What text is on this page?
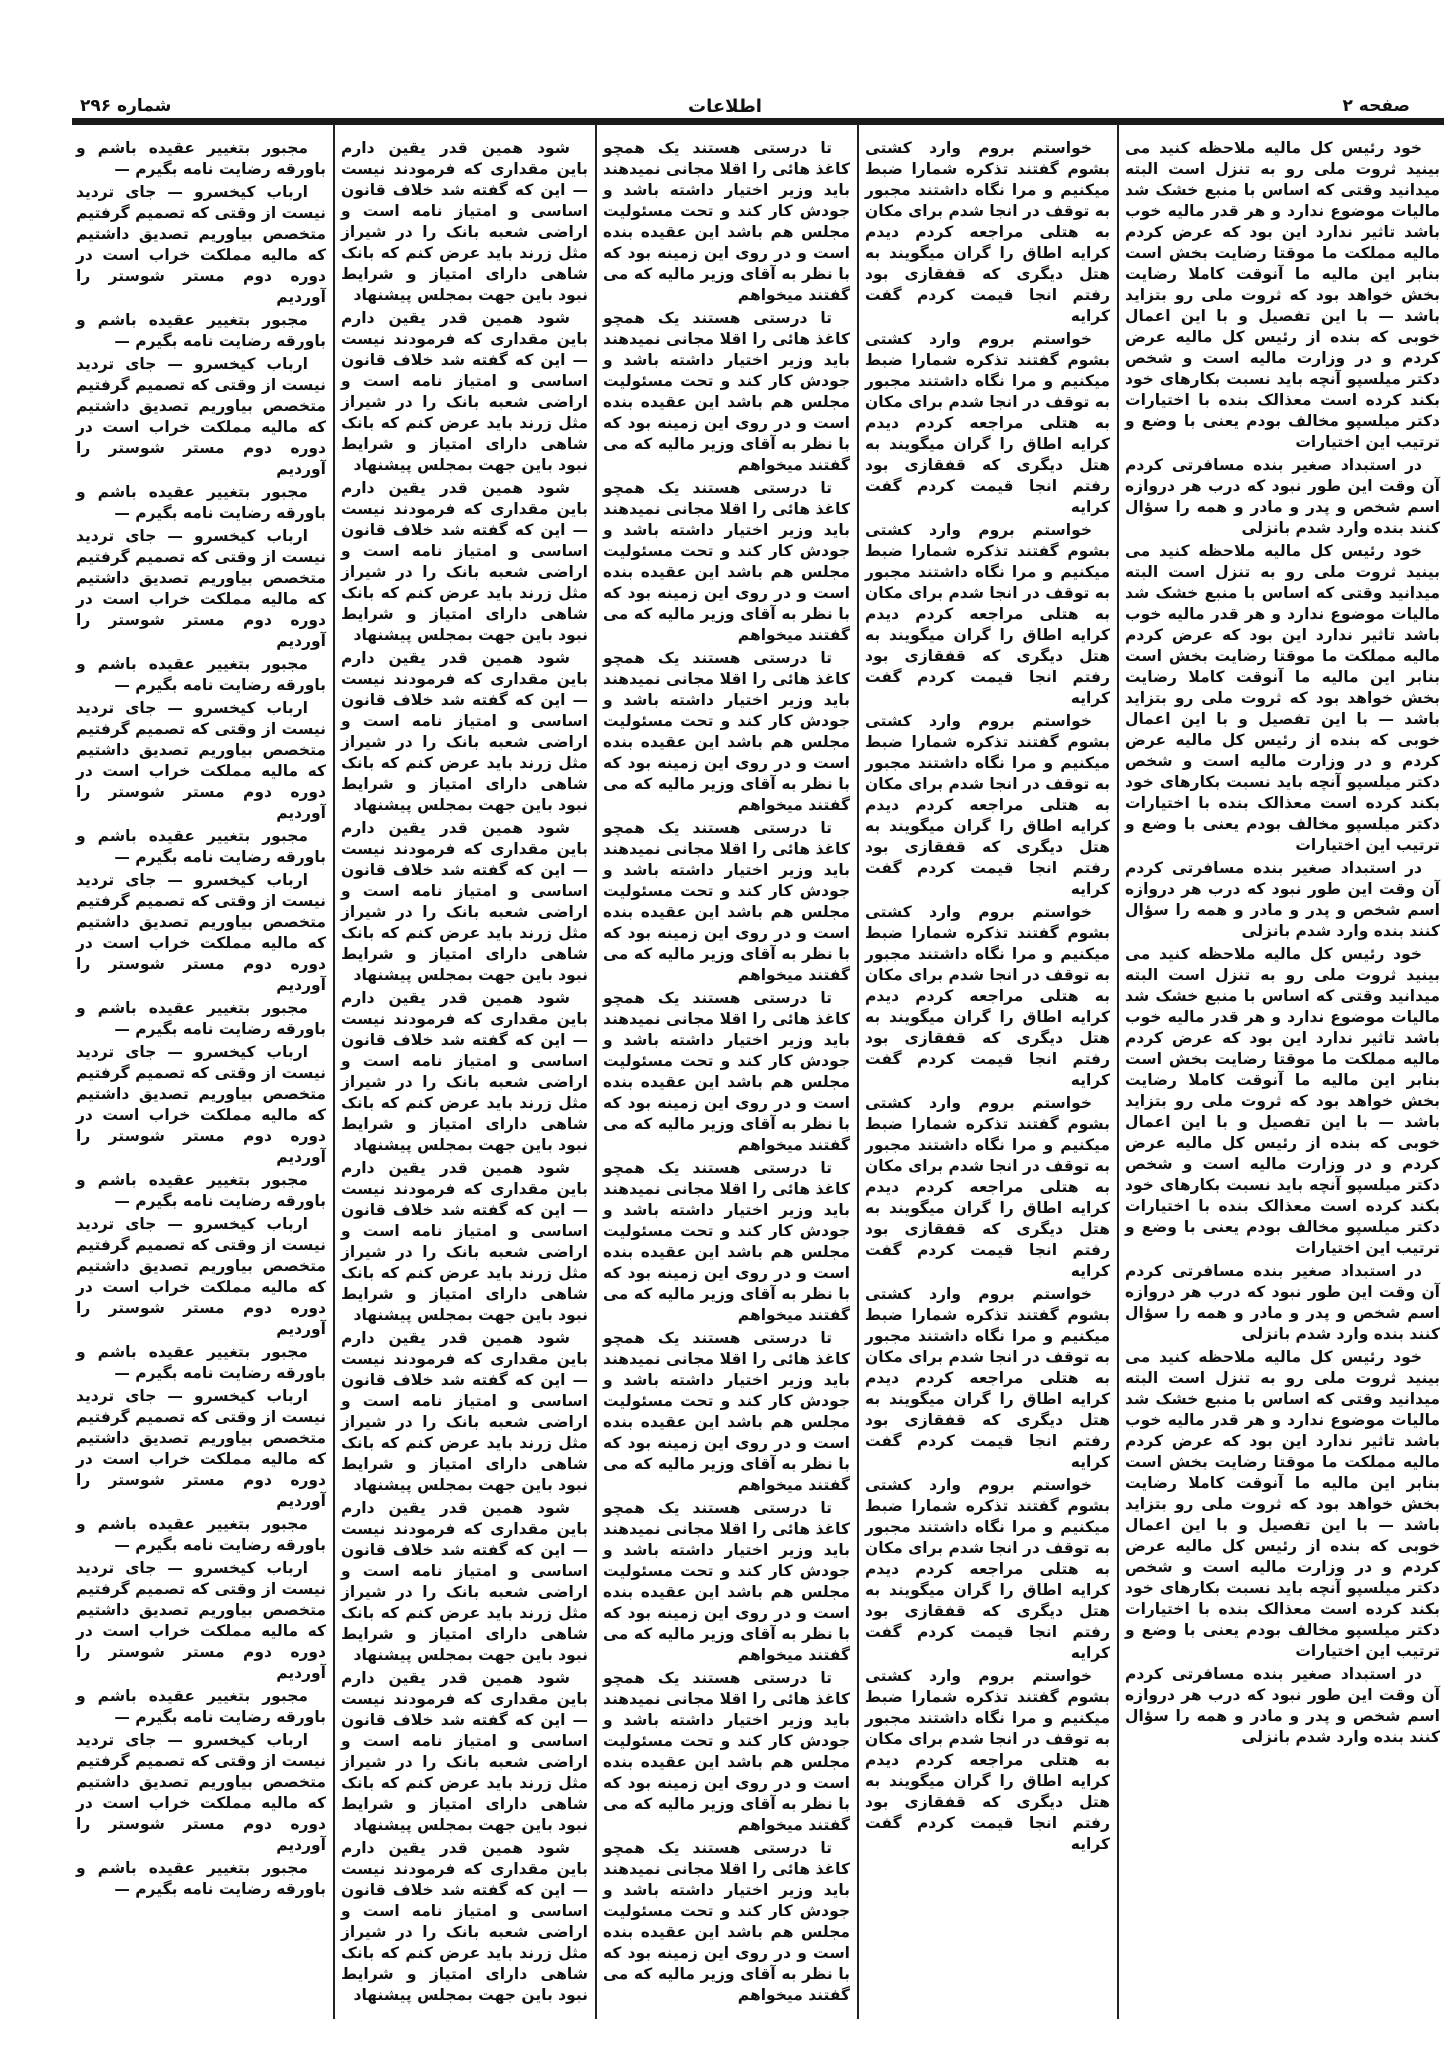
صفحه ۲
اطلاعات
شماره ۲۹۶

خود رئیس کل مالیه ملاحظه کنید می بینید ثروت ملی رو به تنزل است البته میدانید وقتی که اساس با منبع خشک شد مالیات موضوع ندارد و هر قدر مالیه خوب باشد تاثیر ندارد این بود که عرض کردم مالیه مملکت ما موقتا رضایت بخش است بنابر این مالیه ما آنوقت کاملا رضایت بخش خواهد بود که ثروت ملی رو بتزاید باشد — با این تفصیل و با این اعمال خوبی که بنده از رئیس کل مالیه عرض کردم و در وزارت مالیه است و شخص دکتر میلسپو آنچه باید نسبت بکارهای خود بکند کرده است معذالک بنده با اختیارات دکتر میلسپو مخالف بودم یعنی با وضع و ترتیب این اختیارات

در استبداد صغیر بنده مسافرتی کردم آن وقت این طور نبود که درب هر دروازه اسم شخص و پدر و مادر و همه را سؤال کنند بنده وارد شدم بانزلی

خود رئیس کل مالیه ملاحظه کنید می بینید ثروت ملی رو به تنزل است البته میدانید وقتی که اساس با منبع خشک شد مالیات موضوع ندارد و هر قدر مالیه خوب باشد تاثیر ندارد این بود که عرض کردم مالیه مملکت ما موقتا رضایت بخش است بنابر این مالیه ما آنوقت کاملا رضایت بخش خواهد بود که ثروت ملی رو بتزاید باشد — با این تفصیل و با این اعمال خوبی که بنده از رئیس کل مالیه عرض کردم و در وزارت مالیه است و شخص دکتر میلسپو آنچه باید نسبت بکارهای خود بکند کرده است معذالک بنده با اختیارات دکتر میلسپو مخالف بودم یعنی با وضع و ترتیب این اختیارات

در استبداد صغیر بنده مسافرتی کردم آن وقت این طور نبود که درب هر دروازه اسم شخص و پدر و مادر و همه را سؤال کنند بنده وارد شدم بانزلی

خود رئیس کل مالیه ملاحظه کنید می بینید ثروت ملی رو به تنزل است البته میدانید وقتی که اساس با منبع خشک شد مالیات موضوع ندارد و هر قدر مالیه خوب باشد تاثیر ندارد این بود که عرض کردم مالیه مملکت ما موقتا رضایت بخش است بنابر این مالیه ما آنوقت کاملا رضایت بخش خواهد بود که ثروت ملی رو بتزاید باشد — با این تفصیل و با این اعمال خوبی که بنده از رئیس کل مالیه عرض کردم و در وزارت مالیه است و شخص دکتر میلسپو آنچه باید نسبت بکارهای خود بکند کرده است معذالک بنده با اختیارات دکتر میلسپو مخالف بودم یعنی با وضع و ترتیب این اختیارات

در استبداد صغیر بنده مسافرتی کردم آن وقت این طور نبود که درب هر دروازه اسم شخص و پدر و مادر و همه را سؤال کنند بنده وارد شدم بانزلی

خود رئیس کل مالیه ملاحظه کنید می بینید ثروت ملی رو به تنزل است البته میدانید وقتی که اساس با منبع خشک شد مالیات موضوع ندارد و هر قدر مالیه خوب باشد تاثیر ندارد این بود که عرض کردم مالیه مملکت ما موقتا رضایت بخش است بنابر این مالیه ما آنوقت کاملا رضایت بخش خواهد بود که ثروت ملی رو بتزاید باشد — با این تفصیل و با این اعمال خوبی که بنده از رئیس کل مالیه عرض کردم و در وزارت مالیه است و شخص دکتر میلسپو آنچه باید نسبت بکارهای خود بکند کرده است معذالک بنده با اختیارات دکتر میلسپو مخالف بودم یعنی با وضع و ترتیب این اختیارات

در استبداد صغیر بنده مسافرتی کردم آن وقت این طور نبود که درب هر دروازه اسم شخص و پدر و مادر و همه را سؤال کنند بنده وارد شدم بانزلی

خواستم بروم وارد کشتی بشوم گفتند تذکره شمارا ضبط میکنیم و مرا نگاه داشتند مجبور به توقف در انجا شدم برای مکان به هتلی مراجعه کردم دیدم کرایه اطاق را گران میگویند به هتل دیگری که قفقازی بود رفتم انجا قیمت کردم گفت کرایه

خواستم بروم وارد کشتی بشوم گفتند تذکره شمارا ضبط میکنیم و مرا نگاه داشتند مجبور به توقف در انجا شدم برای مکان به هتلی مراجعه کردم دیدم کرایه اطاق را گران میگویند به هتل دیگری که قفقازی بود رفتم انجا قیمت کردم گفت کرایه

خواستم بروم وارد کشتی بشوم گفتند تذکره شمارا ضبط میکنیم و مرا نگاه داشتند مجبور به توقف در انجا شدم برای مکان به هتلی مراجعه کردم دیدم کرایه اطاق را گران میگویند به هتل دیگری که قفقازی بود رفتم انجا قیمت کردم گفت کرایه

خواستم بروم وارد کشتی بشوم گفتند تذکره شمارا ضبط میکنیم و مرا نگاه داشتند مجبور به توقف در انجا شدم برای مکان به هتلی مراجعه کردم دیدم کرایه اطاق را گران میگویند به هتل دیگری که قفقازی بود رفتم انجا قیمت کردم گفت کرایه

خواستم بروم وارد کشتی بشوم گفتند تذکره شمارا ضبط میکنیم و مرا نگاه داشتند مجبور به توقف در انجا شدم برای مکان به هتلی مراجعه کردم دیدم کرایه اطاق را گران میگویند به هتل دیگری که قفقازی بود رفتم انجا قیمت کردم گفت کرایه

خواستم بروم وارد کشتی بشوم گفتند تذکره شمارا ضبط میکنیم و مرا نگاه داشتند مجبور به توقف در انجا شدم برای مکان به هتلی مراجعه کردم دیدم کرایه اطاق را گران میگویند به هتل دیگری که قفقازی بود رفتم انجا قیمت کردم گفت کرایه

خواستم بروم وارد کشتی بشوم گفتند تذکره شمارا ضبط میکنیم و مرا نگاه داشتند مجبور به توقف در انجا شدم برای مکان به هتلی مراجعه کردم دیدم کرایه اطاق را گران میگویند به هتل دیگری که قفقازی بود رفتم انجا قیمت کردم گفت کرایه

خواستم بروم وارد کشتی بشوم گفتند تذکره شمارا ضبط میکنیم و مرا نگاه داشتند مجبور به توقف در انجا شدم برای مکان به هتلی مراجعه کردم دیدم کرایه اطاق را گران میگویند به هتل دیگری که قفقازی بود رفتم انجا قیمت کردم گفت کرایه

خواستم بروم وارد کشتی بشوم گفتند تذکره شمارا ضبط میکنیم و مرا نگاه داشتند مجبور به توقف در انجا شدم برای مکان به هتلی مراجعه کردم دیدم کرایه اطاق را گران میگویند به هتل دیگری که قفقازی بود رفتم انجا قیمت کردم گفت کرایه

تا درستی هستند یک همچو کاغذ هائی را اقلا مجانی نمیدهند باید وزیر اختیار داشته باشد و جودش کار کند و تحت مسئولیت مجلس هم باشد این عقیده بنده است و در روی این زمینه بود که با نظر به آقای وزیر مالیه که می گفتند میخواهم

تا درستی هستند یک همچو کاغذ هائی را اقلا مجانی نمیدهند باید وزیر اختیار داشته باشد و جودش کار کند و تحت مسئولیت مجلس هم باشد این عقیده بنده است و در روی این زمینه بود که با نظر به آقای وزیر مالیه که می گفتند میخواهم

تا درستی هستند یک همچو کاغذ هائی را اقلا مجانی نمیدهند باید وزیر اختیار داشته باشد و جودش کار کند و تحت مسئولیت مجلس هم باشد این عقیده بنده است و در روی این زمینه بود که با نظر به آقای وزیر مالیه که می گفتند میخواهم

تا درستی هستند یک همچو کاغذ هائی را اقلا مجانی نمیدهند باید وزیر اختیار داشته باشد و جودش کار کند و تحت مسئولیت مجلس هم باشد این عقیده بنده است و در روی این زمینه بود که با نظر به آقای وزیر مالیه که می گفتند میخواهم

تا درستی هستند یک همچو کاغذ هائی را اقلا مجانی نمیدهند باید وزیر اختیار داشته باشد و جودش کار کند و تحت مسئولیت مجلس هم باشد این عقیده بنده است و در روی این زمینه بود که با نظر به آقای وزیر مالیه که می گفتند میخواهم

تا درستی هستند یک همچو کاغذ هائی را اقلا مجانی نمیدهند باید وزیر اختیار داشته باشد و جودش کار کند و تحت مسئولیت مجلس هم باشد این عقیده بنده است و در روی این زمینه بود که با نظر به آقای وزیر مالیه که می گفتند میخواهم

تا درستی هستند یک همچو کاغذ هائی را اقلا مجانی نمیدهند باید وزیر اختیار داشته باشد و جودش کار کند و تحت مسئولیت مجلس هم باشد این عقیده بنده است و در روی این زمینه بود که با نظر به آقای وزیر مالیه که می گفتند میخواهم

تا درستی هستند یک همچو کاغذ هائی را اقلا مجانی نمیدهند باید وزیر اختیار داشته باشد و جودش کار کند و تحت مسئولیت مجلس هم باشد این عقیده بنده است و در روی این زمینه بود که با نظر به آقای وزیر مالیه که می گفتند میخواهم

تا درستی هستند یک همچو کاغذ هائی را اقلا مجانی نمیدهند باید وزیر اختیار داشته باشد و جودش کار کند و تحت مسئولیت مجلس هم باشد این عقیده بنده است و در روی این زمینه بود که با نظر به آقای وزیر مالیه که می گفتند میخواهم

تا درستی هستند یک همچو کاغذ هائی را اقلا مجانی نمیدهند باید وزیر اختیار داشته باشد و جودش کار کند و تحت مسئولیت مجلس هم باشد این عقیده بنده است و در روی این زمینه بود که با نظر به آقای وزیر مالیه که می گفتند میخواهم

تا درستی هستند یک همچو کاغذ هائی را اقلا مجانی نمیدهند باید وزیر اختیار داشته باشد و جودش کار کند و تحت مسئولیت مجلس هم باشد این عقیده بنده است و در روی این زمینه بود که با نظر به آقای وزیر مالیه که می گفتند میخواهم

شود همین قدر یقین دارم باین مقداری که فرمودند نیست — این که گفته شد خلاف قانون اساسی و امتیاز نامه است و اراضی شعبه بانک را در شیراز مثل زرند باید عرض کنم که بانک شاهی دارای امتیاز و شرایط نبود باین جهت بمجلس پیشنهاد

شود همین قدر یقین دارم باین مقداری که فرمودند نیست — این که گفته شد خلاف قانون اساسی و امتیاز نامه است و اراضی شعبه بانک را در شیراز مثل زرند باید عرض کنم که بانک شاهی دارای امتیاز و شرایط نبود باین جهت بمجلس پیشنهاد

شود همین قدر یقین دارم باین مقداری که فرمودند نیست — این که گفته شد خلاف قانون اساسی و امتیاز نامه است و اراضی شعبه بانک را در شیراز مثل زرند باید عرض کنم که بانک شاهی دارای امتیاز و شرایط نبود باین جهت بمجلس پیشنهاد

شود همین قدر یقین دارم باین مقداری که فرمودند نیست — این که گفته شد خلاف قانون اساسی و امتیاز نامه است و اراضی شعبه بانک را در شیراز مثل زرند باید عرض کنم که بانک شاهی دارای امتیاز و شرایط نبود باین جهت بمجلس پیشنهاد

شود همین قدر یقین دارم باین مقداری که فرمودند نیست — این که گفته شد خلاف قانون اساسی و امتیاز نامه است و اراضی شعبه بانک را در شیراز مثل زرند باید عرض کنم که بانک شاهی دارای امتیاز و شرایط نبود باین جهت بمجلس پیشنهاد

شود همین قدر یقین دارم باین مقداری که فرمودند نیست — این که گفته شد خلاف قانون اساسی و امتیاز نامه است و اراضی شعبه بانک را در شیراز مثل زرند باید عرض کنم که بانک شاهی دارای امتیاز و شرایط نبود باین جهت بمجلس پیشنهاد

شود همین قدر یقین دارم باین مقداری که فرمودند نیست — این که گفته شد خلاف قانون اساسی و امتیاز نامه است و اراضی شعبه بانک را در شیراز مثل زرند باید عرض کنم که بانک شاهی دارای امتیاز و شرایط نبود باین جهت بمجلس پیشنهاد

شود همین قدر یقین دارم باین مقداری که فرمودند نیست — این که گفته شد خلاف قانون اساسی و امتیاز نامه است و اراضی شعبه بانک را در شیراز مثل زرند باید عرض کنم که بانک شاهی دارای امتیاز و شرایط نبود باین جهت بمجلس پیشنهاد

شود همین قدر یقین دارم باین مقداری که فرمودند نیست — این که گفته شد خلاف قانون اساسی و امتیاز نامه است و اراضی شعبه بانک را در شیراز مثل زرند باید عرض کنم که بانک شاهی دارای امتیاز و شرایط نبود باین جهت بمجلس پیشنهاد

شود همین قدر یقین دارم باین مقداری که فرمودند نیست — این که گفته شد خلاف قانون اساسی و امتیاز نامه است و اراضی شعبه بانک را در شیراز مثل زرند باید عرض کنم که بانک شاهی دارای امتیاز و شرایط نبود باین جهت بمجلس پیشنهاد

شود همین قدر یقین دارم باین مقداری که فرمودند نیست — این که گفته شد خلاف قانون اساسی و امتیاز نامه است و اراضی شعبه بانک را در شیراز مثل زرند باید عرض کنم که بانک شاهی دارای امتیاز و شرایط نبود باین جهت بمجلس پیشنهاد

مجبور بتغییر عقیده باشم و باورقه رضایت نامه بگیرم —

ارباب کیخسرو — جای تردید نیست از وقتی که تصمیم گرفتیم متخصص بیاوریم تصدیق داشتیم که مالیه مملکت خراب است در دوره دوم مستر شوستر را آوردیم

مجبور بتغییر عقیده باشم و باورقه رضایت نامه بگیرم —

ارباب کیخسرو — جای تردید نیست از وقتی که تصمیم گرفتیم متخصص بیاوریم تصدیق داشتیم که مالیه مملکت خراب است در دوره دوم مستر شوستر را آوردیم

مجبور بتغییر عقیده باشم و باورقه رضایت نامه بگیرم —

ارباب کیخسرو — جای تردید نیست از وقتی که تصمیم گرفتیم متخصص بیاوریم تصدیق داشتیم که مالیه مملکت خراب است در دوره دوم مستر شوستر را آوردیم

مجبور بتغییر عقیده باشم و باورقه رضایت نامه بگیرم —

ارباب کیخسرو — جای تردید نیست از وقتی که تصمیم گرفتیم متخصص بیاوریم تصدیق داشتیم که مالیه مملکت خراب است در دوره دوم مستر شوستر را آوردیم

مجبور بتغییر عقیده باشم و باورقه رضایت نامه بگیرم —

ارباب کیخسرو — جای تردید نیست از وقتی که تصمیم گرفتیم متخصص بیاوریم تصدیق داشتیم که مالیه مملکت خراب است در دوره دوم مستر شوستر را آوردیم

مجبور بتغییر عقیده باشم و باورقه رضایت نامه بگیرم —

ارباب کیخسرو — جای تردید نیست از وقتی که تصمیم گرفتیم متخصص بیاوریم تصدیق داشتیم که مالیه مملکت خراب است در دوره دوم مستر شوستر را آوردیم

مجبور بتغییر عقیده باشم و باورقه رضایت نامه بگیرم —

ارباب کیخسرو — جای تردید نیست از وقتی که تصمیم گرفتیم متخصص بیاوریم تصدیق داشتیم که مالیه مملکت خراب است در دوره دوم مستر شوستر را آوردیم

مجبور بتغییر عقیده باشم و باورقه رضایت نامه بگیرم —

ارباب کیخسرو — جای تردید نیست از وقتی که تصمیم گرفتیم متخصص بیاوریم تصدیق داشتیم که مالیه مملکت خراب است در دوره دوم مستر شوستر را آوردیم

مجبور بتغییر عقیده باشم و باورقه رضایت نامه بگیرم —

ارباب کیخسرو — جای تردید نیست از وقتی که تصمیم گرفتیم متخصص بیاوریم تصدیق داشتیم که مالیه مملکت خراب است در دوره دوم مستر شوستر را آوردیم

مجبور بتغییر عقیده باشم و باورقه رضایت نامه بگیرم —

ارباب کیخسرو — جای تردید نیست از وقتی که تصمیم گرفتیم متخصص بیاوریم تصدیق داشتیم که مالیه مملکت خراب است در دوره دوم مستر شوستر را آوردیم

مجبور بتغییر عقیده باشم و باورقه رضایت نامه بگیرم —
